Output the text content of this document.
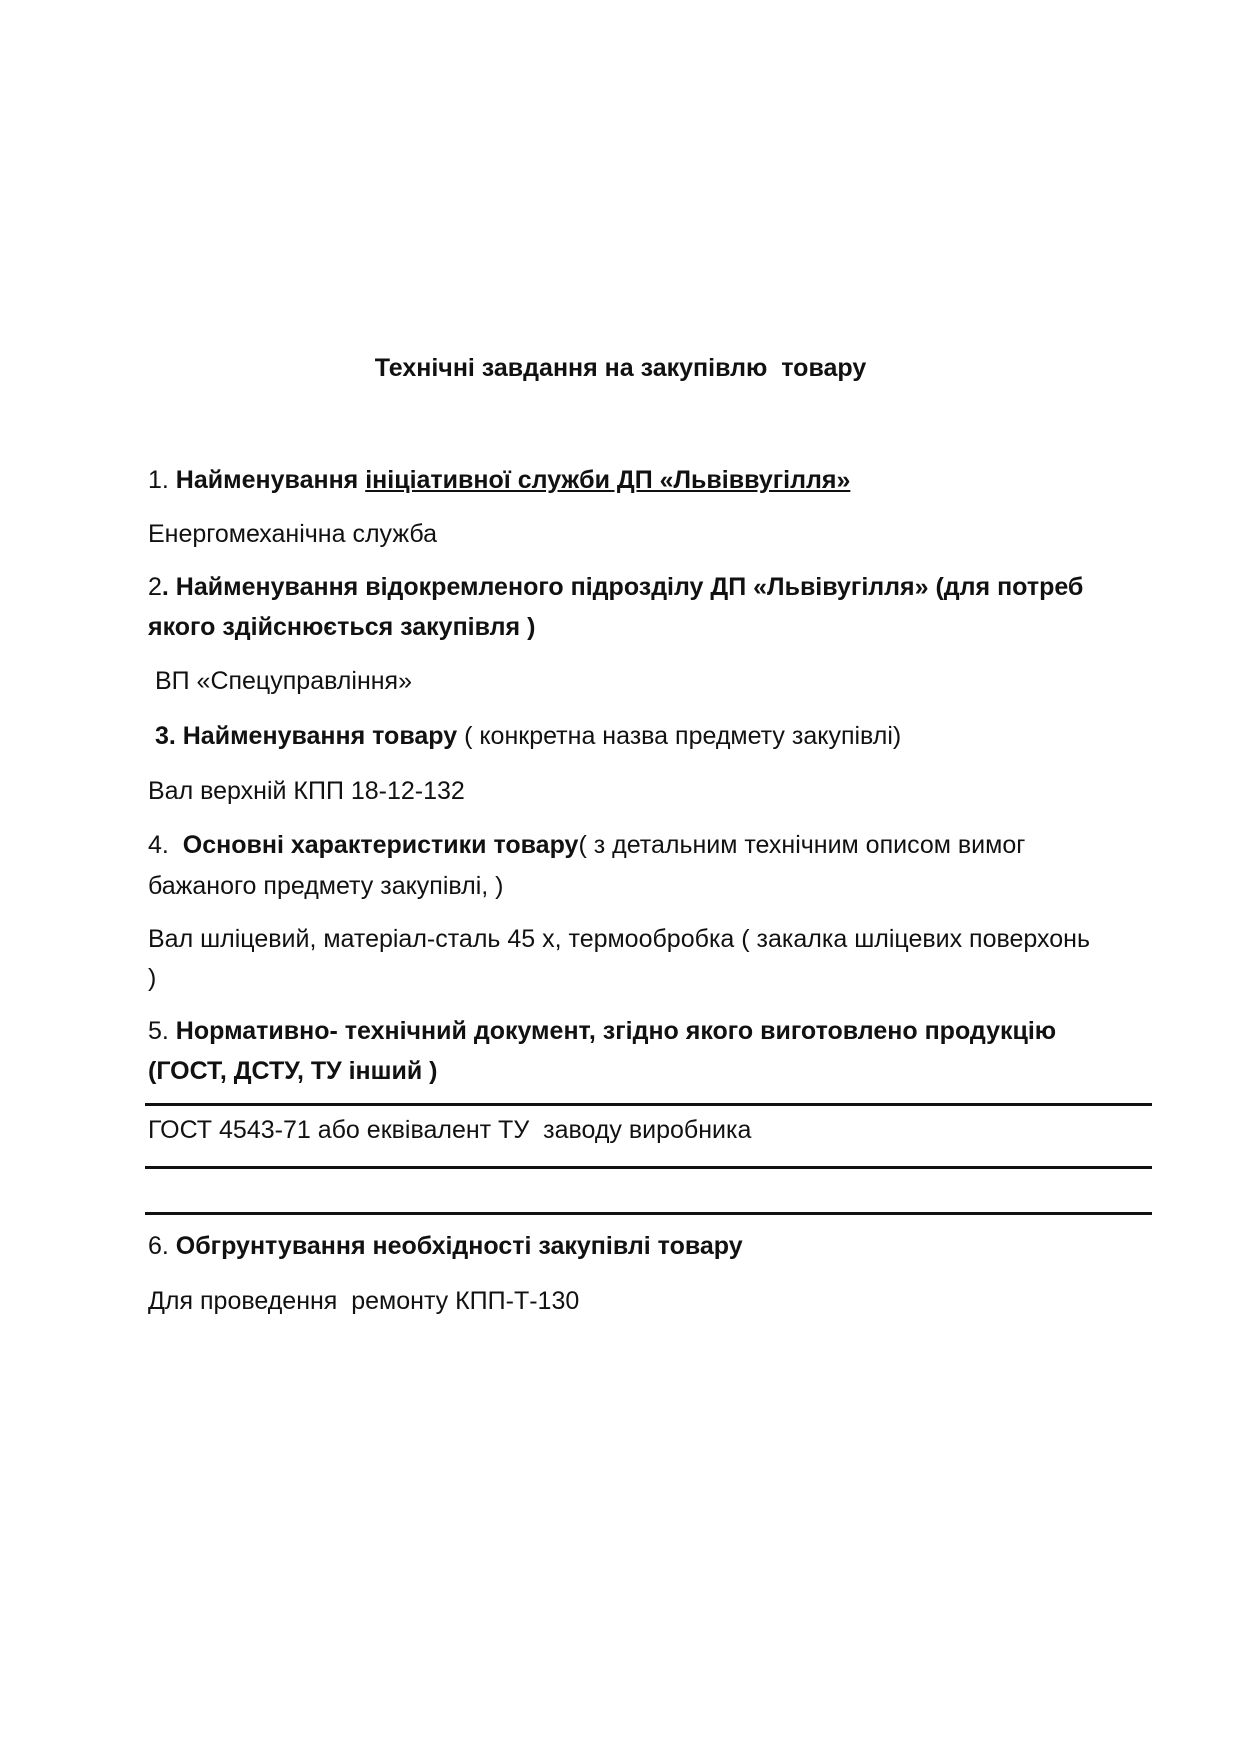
Технічні завдання на закупівлю  товару
1. Найменування ініціативної служби ДП «Львіввугілля»
Енергомеханічна служба
2. Найменування відокремленого підрозділу ДП «Львівугілля» (для потреб
якого здійснюється закупівля )
ВП «Спецуправління»
3. Найменування товару ( конкретна назва предмету закупівлі)
Вал верхній КПП 18-12-132
4.  Основні характеристики товару( з детальним технічним описом вимог
бажаного предмету закупівлі, )
Вал шліцевий, матеріал-сталь 45 х, термообробка ( закалка шліцевих поверхонь
)
5. Нормативно- технічний документ, згідно якого виготовлено продукцію
(ГОСТ, ДСТУ, ТУ інший )
ГОСТ 4543-71 або еквівалент ТУ  заводу виробника
6. Обгрунтування необхідності закупівлі товару
Для проведення  ремонту КПП-Т-130
